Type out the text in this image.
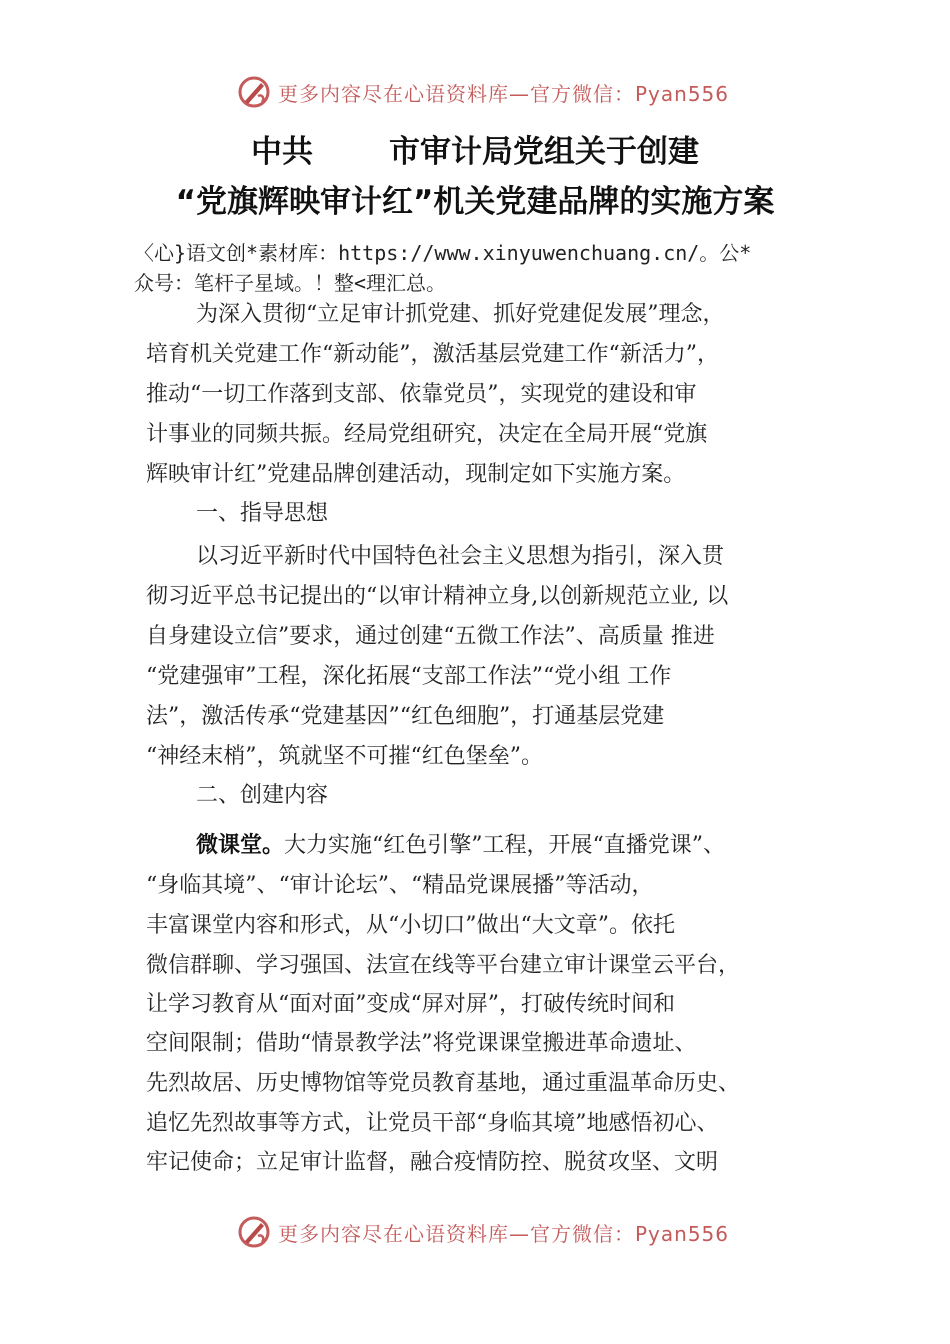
更多内容尽在心语资料库—官方微信：Pyan556
中共 市审计局党组关于创建
“党旗辉映审计红”机关党建品牌的实施方案
〈心}语文创*素材库：https://www.xinyuwenchuang.cn/。公*
众号：笔杆子星域。！整<理汇总。
为深入贯彻“立足审计抓党建、抓好党建促发展”理念，
培育机关党建工作“新动能”，激活基层党建工作“新活力”，
推动“一切工作落到支部、依靠党员”，实现党的建设和审
计事业的同频共振。经局党组研究，决定在全局开展“党旗
辉映审计红”党建品牌创建活动，现制定如下实施方案。
一、指导思想
以习近平新时代中国特色社会主义思想为指引，深入贯
彻习近平总书记提出的“以审计精神立身,以创新规范立业, 以
自身建设立信”要求，通过创建“五微工作法”、高质量 推进
“党建强审”工程，深化拓展“支部工作法”“党小组 工作
法”，激活传承“党建基因”“红色细胞”，打通基层党建
“神经末梢”，筑就坚不可摧“红色堡垒”。
二、创建内容
微课堂。大力实施“红色引擎”工程，开展“直播党课”、
“身临其境”、“审计论坛”、“精品党课展播”等活动，
丰富课堂内容和形式，从“小切口”做出“大文章”。依托
微信群聊、学习强国、法宣在线等平台建立审计课堂云平台，
让学习教育从“面对面”变成“屏对屏”，打破传统时间和
空间限制；借助“情景教学法”将党课课堂搬进革命遗址、
先烈故居、历史博物馆等党员教育基地，通过重温革命历史、
追忆先烈故事等方式，让党员干部“身临其境”地感悟初心、
牢记使命；立足审计监督，融合疫情防控、脱贫攻坚、文明
更多内容尽在心语资料库—官方微信：Pyan556
